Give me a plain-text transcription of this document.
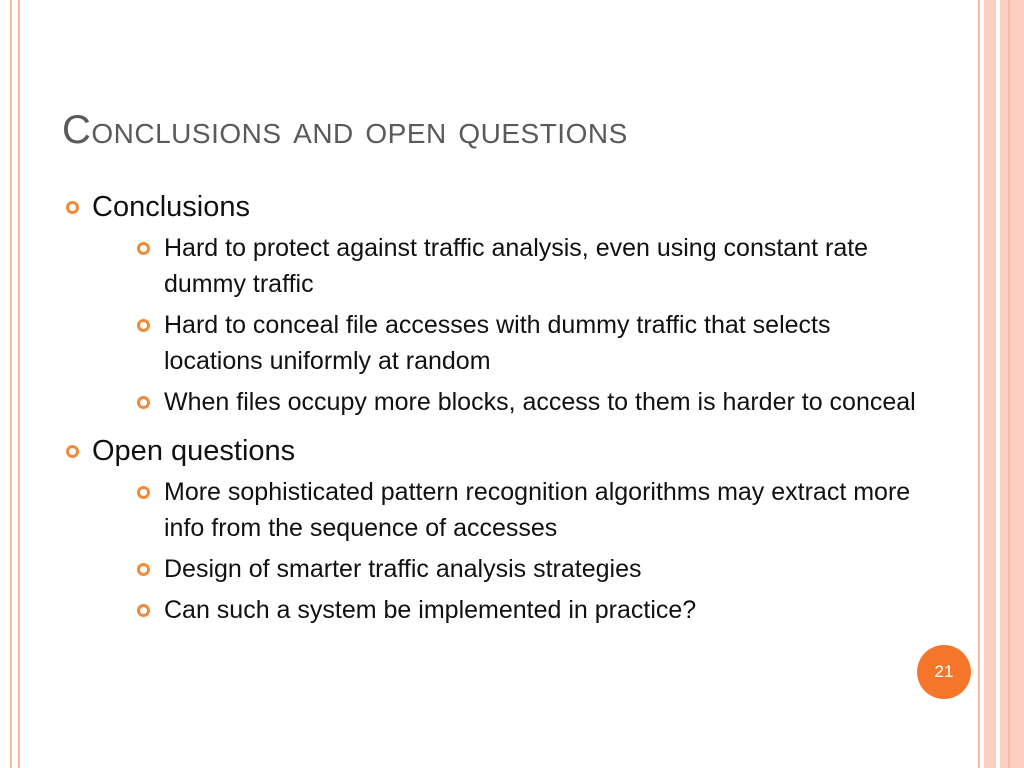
Conclusions and open questions
Conclusions
Hard to protect against traffic analysis, even using constant rate dummy traffic
Hard to conceal file accesses with dummy traffic that selects locations uniformly at random
When files occupy more blocks, access to them is harder to conceal
Open questions
More sophisticated pattern recognition algorithms may extract more info from the sequence of accesses
Design of smarter traffic analysis strategies
Can such a system be implemented in practice?
21
